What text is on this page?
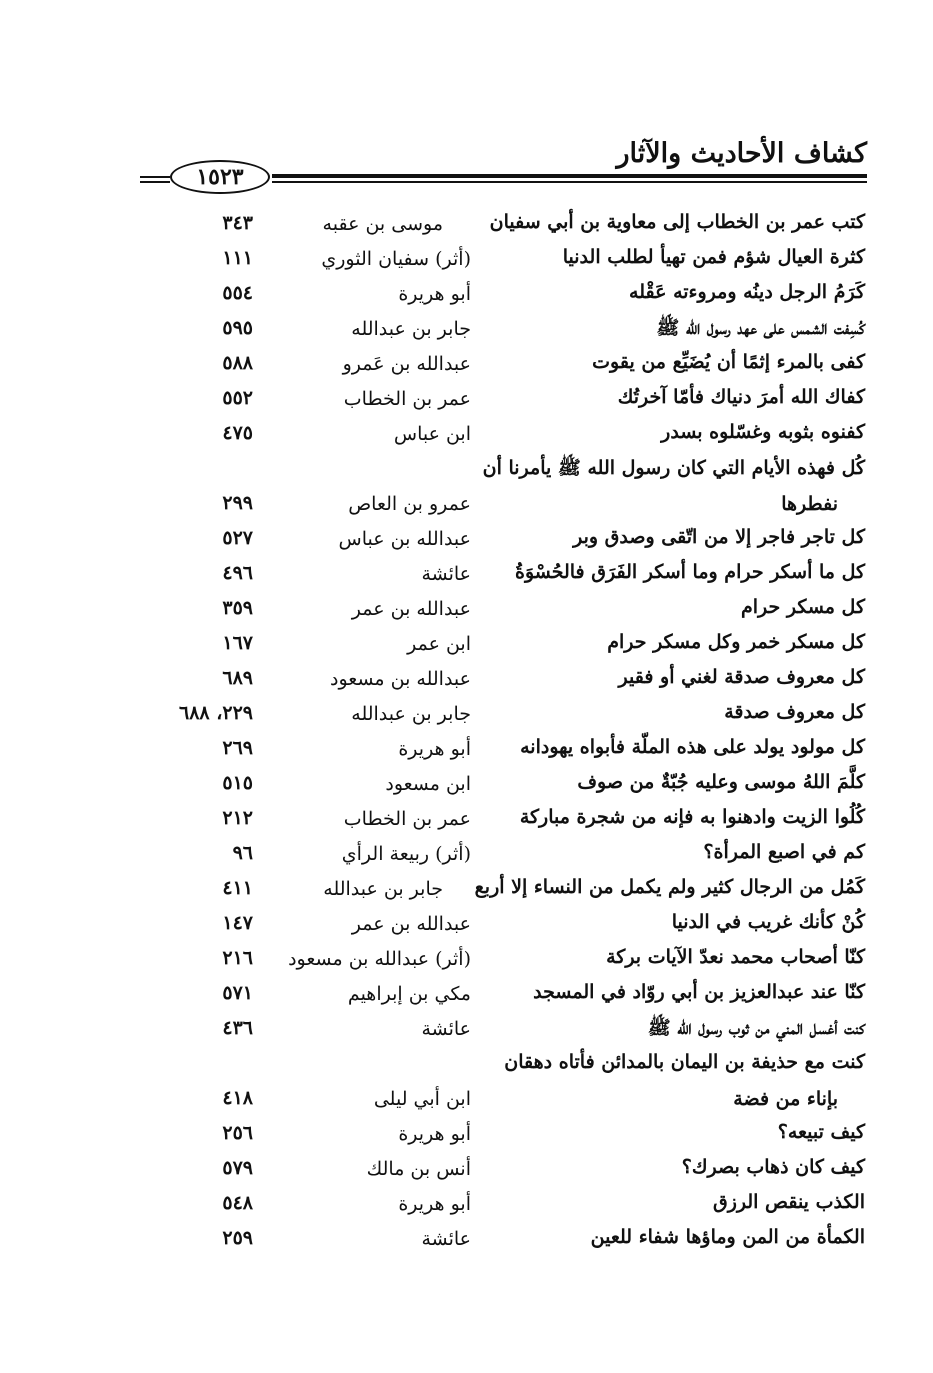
كشاف الأحاديث والآثار
١٥٢٣
كتب عمر بن الخطاب إلى معاوية بن أبي سفيان
موسى بن عقبه
٣٤٣
كثرة العيال شؤم فمن تهيأ لطلب الدنيا
(أثر) سفيان الثوري
١١١
كَرَمُ الرجل دينُه ومروءته عَقْله
أبو هريرة
٥٥٤
كُسِفت الشمس على عهد رسول الله ﷺ
جابر بن عبدالله
٥٩٥
كفى بالمرء إثمًا أن يُضَيِّع من يقوت
عبدالله بن عَمرو
٥٨٨
كفاك الله أمرَ دنياك فأمّا آخرتُك
عمر بن الخطاب
٥٥٢
كفنوه بثوبه وغسّلوه بسدر
ابن عباس
٤٧٥
كُل فهذه الأيام التي كان رسول الله ﷺ يأمرنا أن
نفطرها
عمرو بن العاص
٢٩٩
كل تاجر فاجر إلا من اتّقى وصدق وبر
عبدالله بن عباس
٥٢٧
كل ما أسكر حرام وما أسكر الفَرَق فالحُسْوَةُ
عائشة
٤٩٦
كل مسكر حرام
عبدالله بن عمر
٣٥٩
كل مسكر خمر وكل مسكر حرام
ابن عمر
١٦٧
كل معروف صدقة لغني أو فقير
عبدالله بن مسعود
٦٨٩
كل معروف صدقة
جابر بن عبدالله
٢٢٩، ٦٨٨
كل مولود يولد على هذه الملّة فأبواه يهودانه
أبو هريرة
٢٦٩
كلَّمَ اللهُ موسى وعليه جُبّةٌ من صوف
ابن مسعود
٥١٥
كُلُوا الزيت وادهنوا به فإنه من شجرة مباركة
عمر بن الخطاب
٢١٢
كم في اصبع المرأة؟
(أثر) ربيعة الرأي
٩٦
كَمُل من الرجال كثير ولم يكمل من النساء إلا أربع
جابر بن عبدالله
٤١١
كُنْ كأنك غريب في الدنيا
عبدالله بن عمر
١٤٧
كنّا أصحاب محمد نعدّ الآيات بركة
(أثر) عبدالله بن مسعود
٢١٦
كنّا عند عبدالعزيز بن أبي روّاد في المسجد
مكي بن إبراهيم
٥٧١
كنت أغسل المني من ثوب رسول الله ﷺ
عائشة
٤٣٦
كنت مع حذيفة بن اليمان بالمدائن فأتاه دهقان
بإناء من فضة
ابن أبي ليلى
٤١٨
كيف تبيعه؟
أبو هريرة
٢٥٦
كيف كان ذهاب بصرك؟
أنس بن مالك
٥٧٩
الكذب ينقص الرزق
أبو هريرة
٥٤٨
الكمأة من المن وماؤها شفاء للعين
عائشة
٢٥٩
